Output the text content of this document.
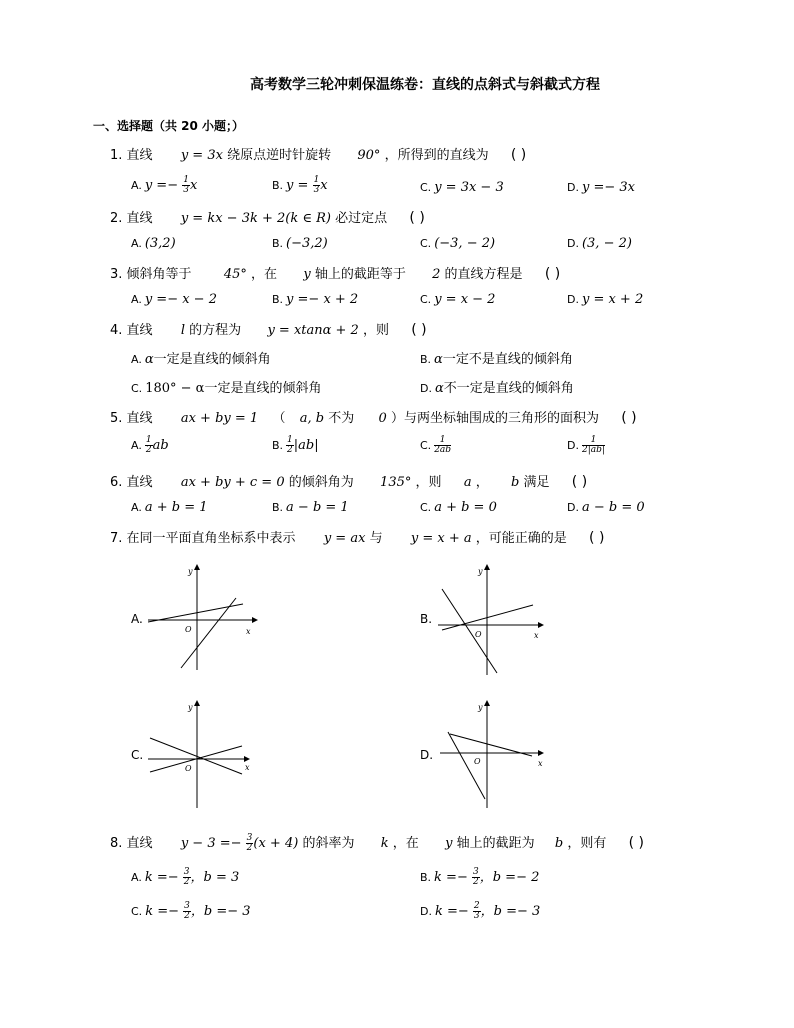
高考数学三轮冲刺保温练卷：直线的点斜式与斜截式方程
一、选择题（共 20 小题；）
1. 直线 y = 3x 绕原点逆时针旋转 90° ，所得到的直线为 ( )
A. $y =- \frac{1}{3}$ x	B. $y = \frac{1}{3}$ x	C. y = 3x − 3	D. y =− 3x
2. 直线 y = kx − 3k + 2(k ∈ R) 必过定点 ( )
A. (3,2)	B. (−3,2)	C. (−3, − 2)	D. (3, − 2)
3. 倾斜角等于 45° ，在 y 轴上的截距等于 2 的直线方程是 ( )
A. y =− x − 2	B. y =− x + 2	C. y = x − 2	D. y = x + 2
4. 直线 l 的方程为 y = xtanα + 2 ，则 ( )
A. α一定是直线的倾斜角	B. α一定不是直线的倾斜角
C. 180° − α一定是直线的倾斜角	D. α不一定是直线的倾斜角
5. 直线 ax + by = 1 （ a, b 不为 0 ）与两坐标轴围成的三角形的面积为 ( )
A. $\frac{1}{2}$ ab	B. $\frac{1}{2} |ab|$	C. $\frac{1}{2ab}$	D. $\frac{1}{2|ab|}$
6. 直线 ax + by + c = 0 的倾斜角为 135° ，则 a ， b 满足 ( )
A. a + b = 1	B. a − b = 1	C. a + b = 0	D. a − b = 0
7. 在同一平面直角坐标系中表示 y = ax 与 y = x + a ，可能正确的是 ( )
A.
O	x
y
B.
O	x
y
C.
O	x
y
D.	O	x
y
8. 直线 $y - 3 =- \frac{3}{2} (x + 4)$ 的斜率为 k ，在 y 轴上的截距为 b ，则有 ( )
A. $k =- \frac{3}{2}$ ，b = 3	B. $k =- \frac{3}{2}$ ，b =− 2
C. $k =- \frac{3}{2}$ ，b =− 3	D. $k =- \frac{2}{3}$ ，b =− 3
